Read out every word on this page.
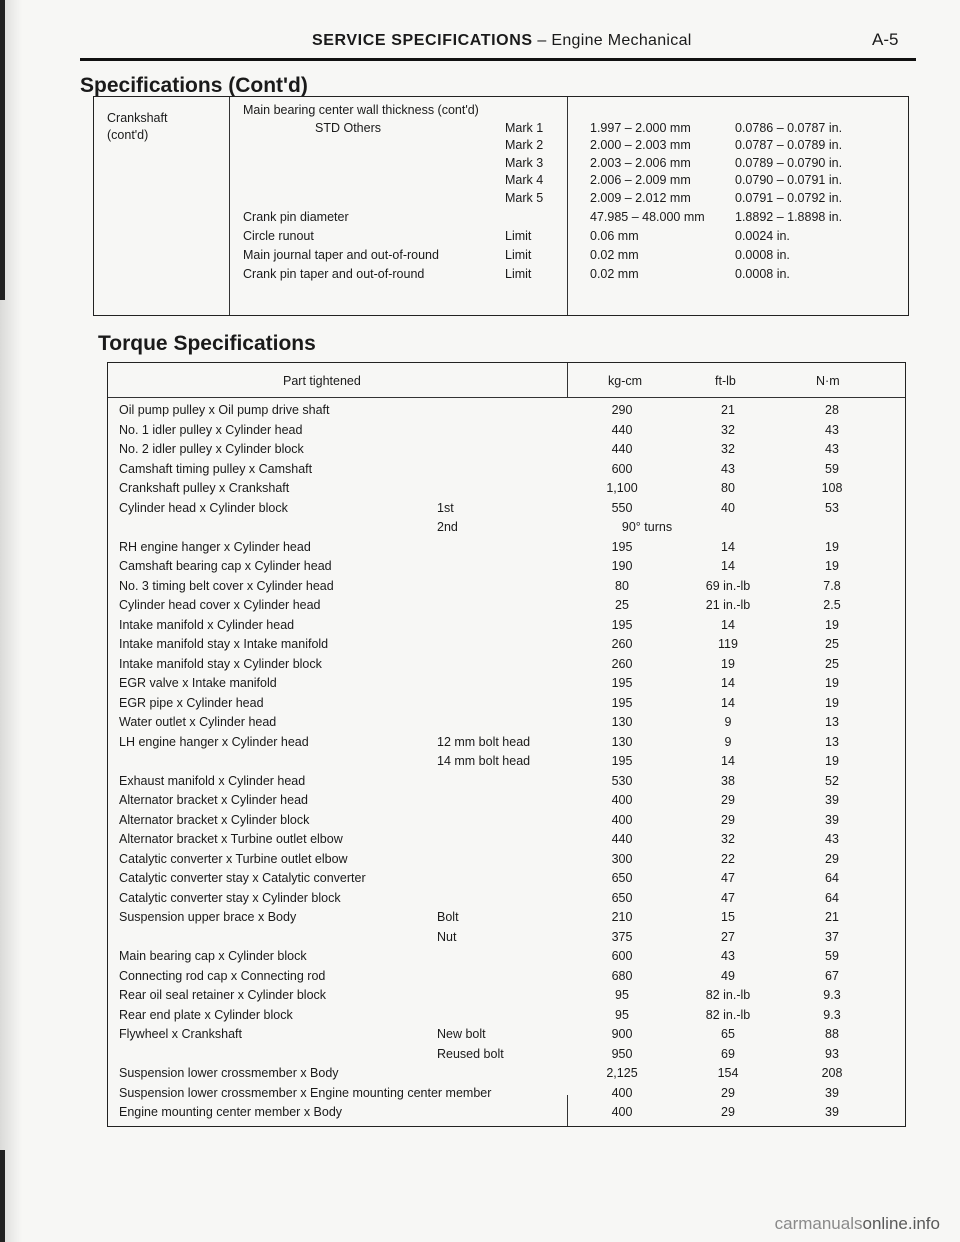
SERVICE SPECIFICATIONS – Engine Mechanical	A-5
Specifications (Cont'd)
Crankshaft
(cont'd)
Main bearing center wall thickness (cont'd)
STD Others	Mark 1	1.997 – 2.000 mm	0.0786 – 0.0787 in.
Mark 2	2.000 – 2.003 mm	0.0787 – 0.0789 in.
Mark 3	2.003 – 2.006 mm	0.0789 – 0.0790 in.
Mark 4	2.006 – 2.009 mm	0.0790 – 0.0791 in.
Mark 5	2.009 – 2.012 mm	0.0791 – 0.0792 in.
Crank pin diameter	47.985 – 48.000 mm 1.8892 – 1.8898 in.
Circle runout	Limit	0.06 mm	0.0024 in.
Main journal taper and out-of-round	Limit	0.02 mm	0.0008 in.
Crank pin taper and out-of-round	Limit	0.02 mm	0.0008 in.
Torque Specifications
Part tightened	kg-cm	ft-lb	N·m
Oil pump pulley x Oil pump drive shaft	290	21	28
No. 1 idler pulley x Cylinder head	440	32	43
No. 2 idler pulley x Cylinder block	440	32	43
Camshaft timing pulley x Camshaft	600	43	59
Crankshaft pulley x Crankshaft	1,100	80	108
Cylinder head x Cylinder block	1st	550	40	53
2nd	90° turns
RH engine hanger x Cylinder head	195	14	19
Camshaft bearing cap x Cylinder head	190	14	19
No. 3 timing belt cover x Cylinder head	80	69 in.-lb	7.8
Cylinder head cover x Cylinder head	25	21 in.-lb	2.5
Intake manifold x Cylinder head	195	14	19
Intake manifold stay x Intake manifold	260	119	25
Intake manifold stay x Cylinder block	260	19	25
EGR valve x Intake manifold	195	14	19
EGR pipe x Cylinder head	195	14	19
Water outlet x Cylinder head	130	9	13
LH engine hanger x Cylinder head	12 mm bolt head	130	9	13
14 mm bolt head	195	14	19
Exhaust manifold x Cylinder head	530	38	52
Alternator bracket x Cylinder head	400	29	39
Alternator bracket x Cylinder block	400	29	39
Alternator bracket x Turbine outlet elbow	440	32	43
Catalytic converter x Turbine outlet elbow	300	22	29
Catalytic converter stay x Catalytic converter	650	47	64
Catalytic converter stay x Cylinder block	650	47	64
Suspension upper brace x Body	Bolt	210	15	21
Nut	375	27	37
Main bearing cap x Cylinder block	600	43	59
Connecting rod cap x Connecting rod	680	49	67
Rear oil seal retainer x Cylinder block	95	82 in.-lb	9.3
Rear end plate x Cylinder block	95	82 in.-lb	9.3
Flywheel x Crankshaft	New bolt	900	65	88
Reused bolt	950	69	93
Suspension lower crossmember x Body	2,125	154	208
Suspension lower crossmember x Engine mounting center member	400	29	39
Engine mounting center member x Body	400	29	39
carmanualsonline.info
